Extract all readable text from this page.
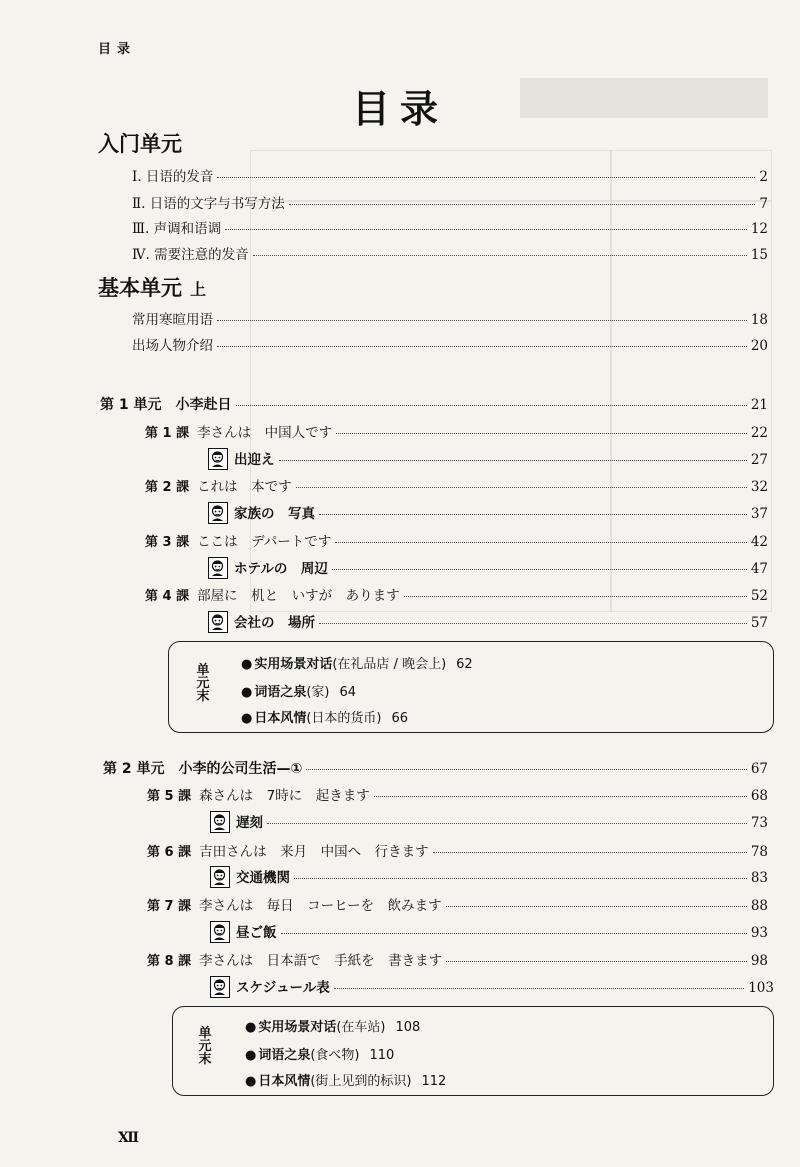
目录
目录
入门单元
Ⅰ. 日语的发音	2
Ⅱ. 日语的文字与书写方法	7
Ⅲ. 声调和语调	12
Ⅳ. 需要注意的发音	15
基本单元 上
常用寒暄用语	18
出场人物介绍	20
第 1 単元 小李赴日	21
第 1 課 李さんは　中国人です	22
出迎え	27
第 2 課 これは　本です	32
家族の　写真	37
第 3 課 ここは　デパートです	42
ホテルの　周辺	47
第 4 課 部屋に　机と　いすが　あります	52
会社の　場所	57
单
元
末
● 实用场景对话(在礼品店 / 晚会上) 62
● 词语之泉(家) 64
● 日本风情(日本的货币) 66
第 2 単元 小李的公司生活—①	67
第 5 課 森さんは　7時に　起きます	68
遅刻	73
第 6 課 吉田さんは　来月　中国へ　行きます	78
交通機関	83
第 7 課 李さんは　毎日　コーヒーを　飲みます	88
昼ご飯	93
第 8 課 李さんは　日本語で　手紙を　書きます	98
スケジュール表	103
单
元
末
● 实用场景对话(在车站) 108
● 词语之泉(食べ物) 110
● 日本风情(街上见到的标识) 112
Ⅻ
